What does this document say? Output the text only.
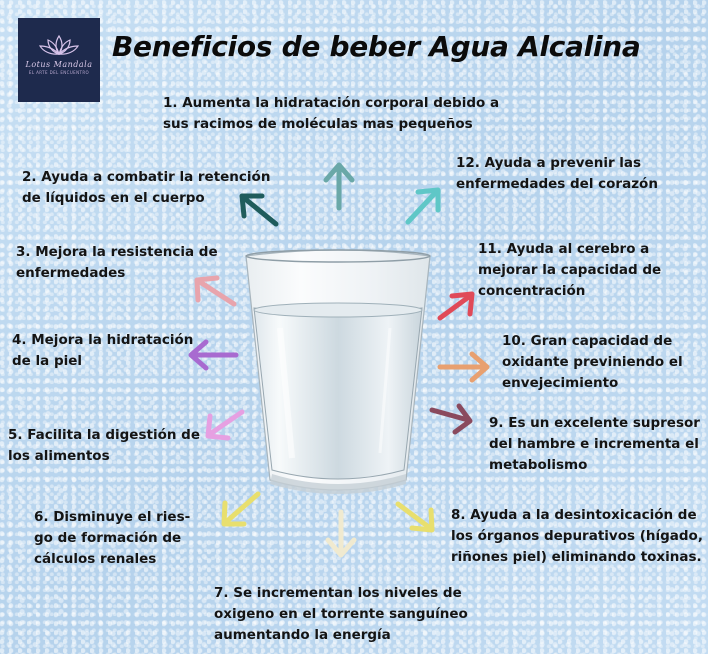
Lotus Mandala
EL ARTE DEL ENCUENTRO
Beneficios de beber Agua Alcalina

1. Aumenta la hidratación corporal debido a
sus racimos de moléculas mas pequeños

2. Ayuda a combatir la retención
de líquidos en el cuerpo

3. Mejora la resistencia de
enfermedades

4. Mejora la hidratación
de la piel

5. Facilita la digestión de
los alimentos

6. Disminuye el ries-
go de formación de
cálculos renales

7. Se incrementan los niveles de
oxigeno en el torrente sanguíneo
aumentando la energía

8. Ayuda a la desintoxicación de
los órganos depurativos (hígado,
riñones piel) eliminando toxinas.

9. Es un excelente supresor
del hambre e incrementa el
metabolismo

10. Gran capacidad de
oxidante previniendo el
envejecimiento

11. Ayuda al cerebro a
mejorar la capacidad de
concentración

12. Ayuda a prevenir las
enfermedades del corazón
